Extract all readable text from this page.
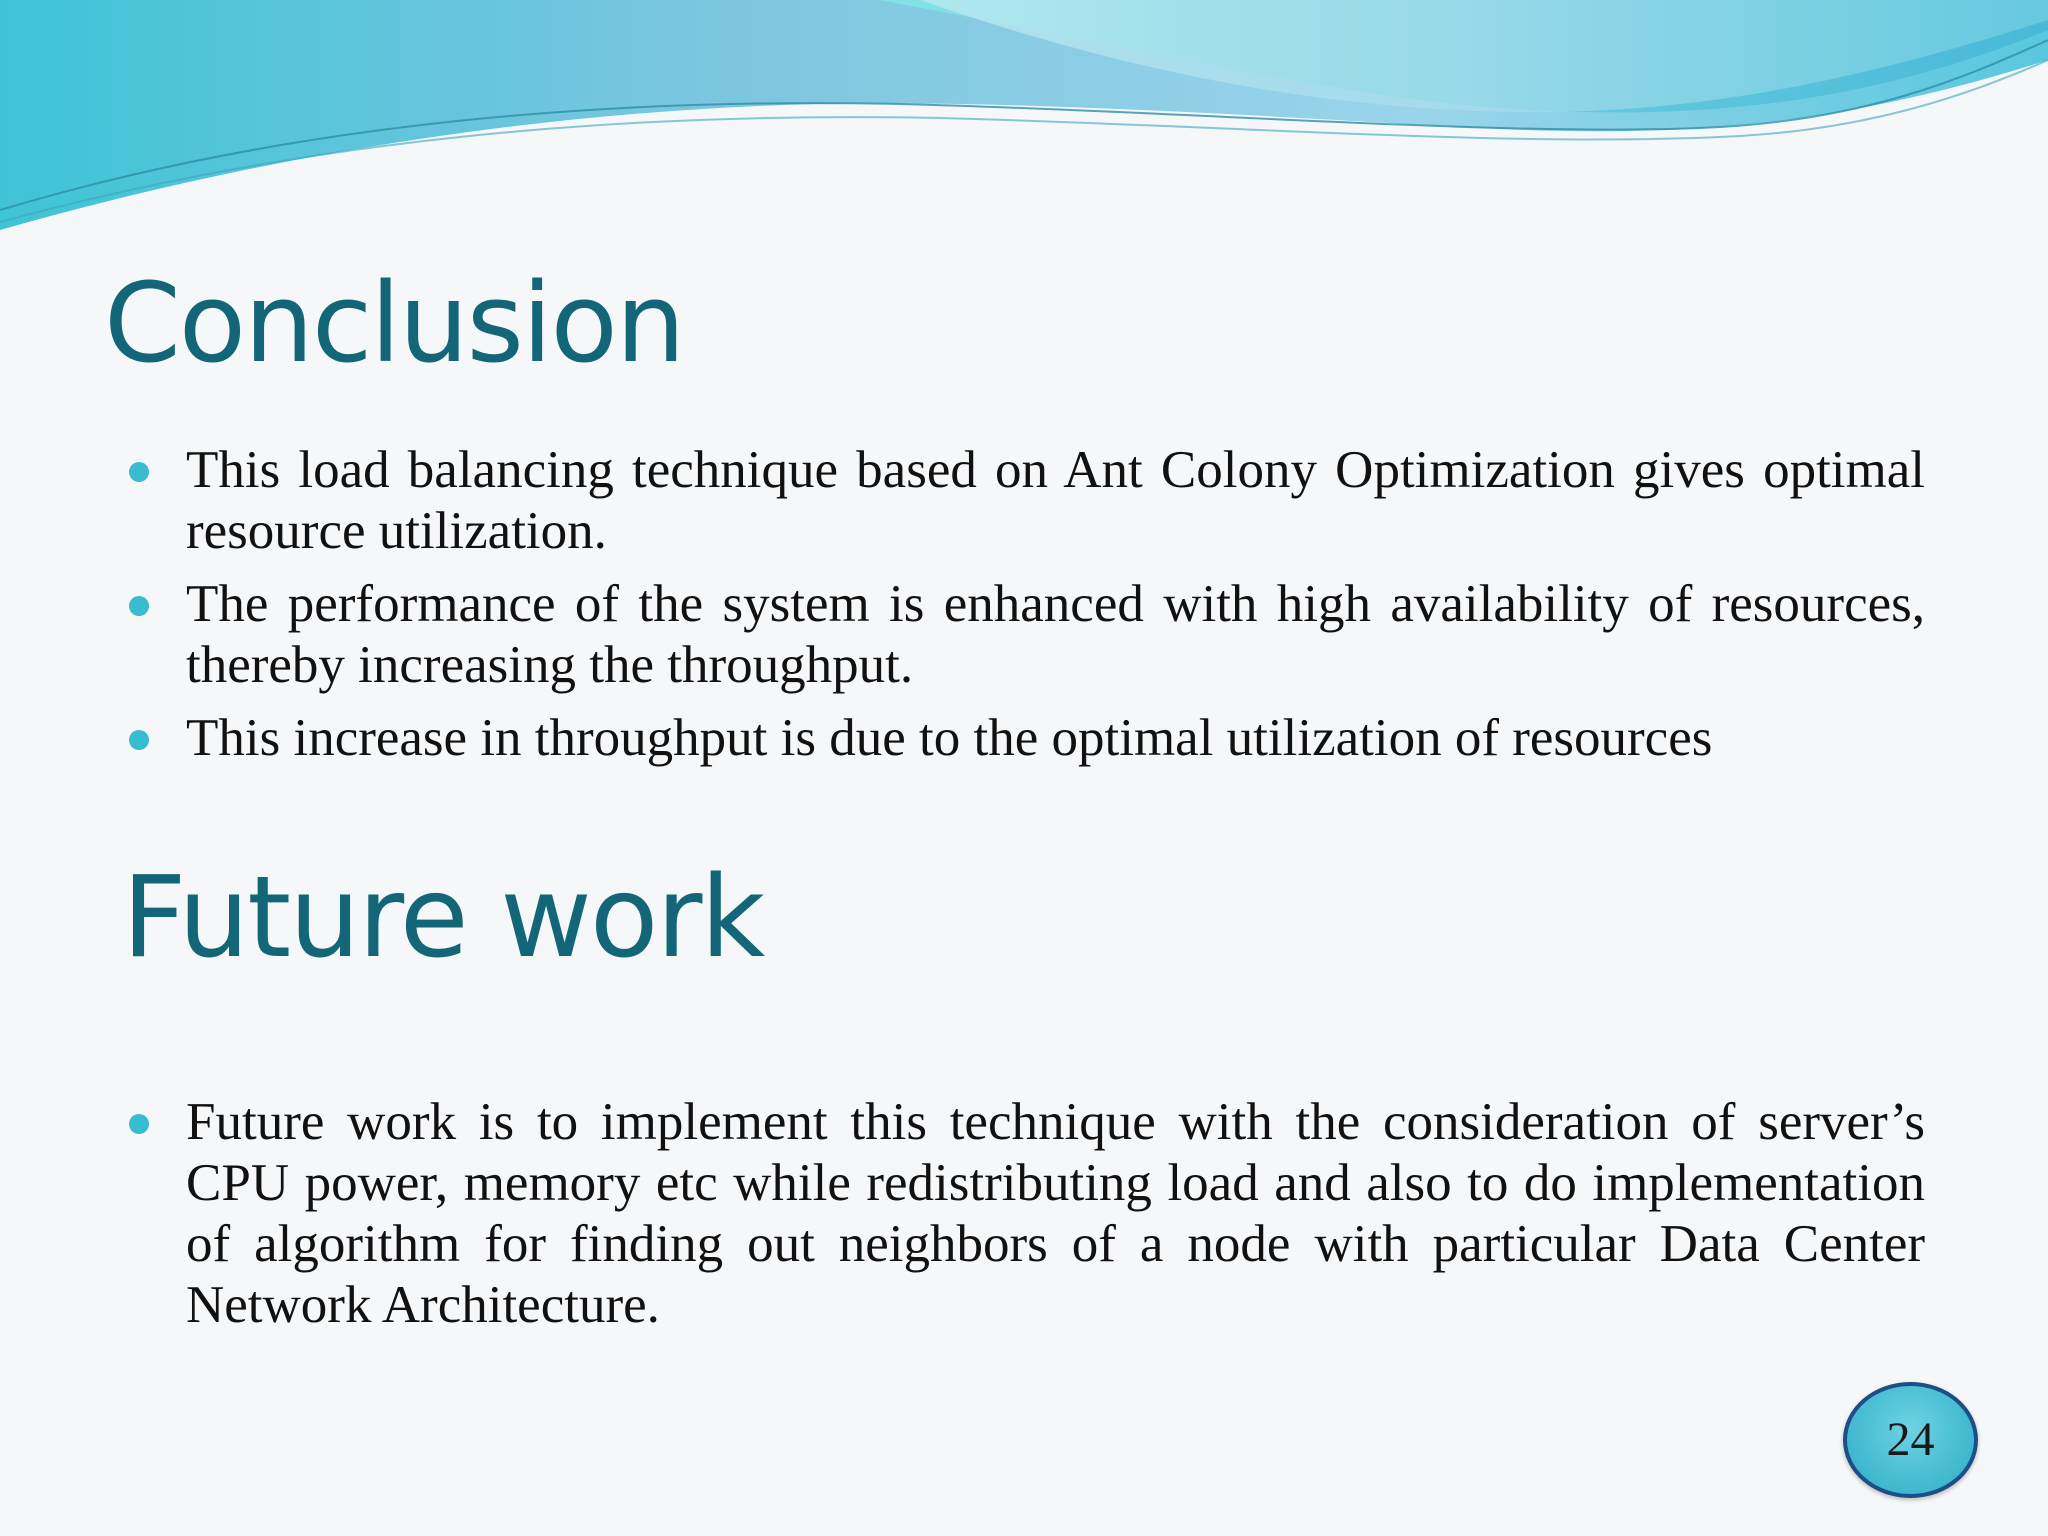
Conclusion
This load balancing technique based on Ant Colony Optimization gives optimal resource utilization.
The performance of the system is enhanced with high availability of resources, thereby increasing the throughput.
This increase in throughput is due to the optimal utilization of resources
Future work
Future work is to implement this technique with the consideration of server’s CPU power, memory etc while redistributing load and also to do implementation of algorithm for finding out neighbors of a node with particular Data Center Network Architecture.
24
